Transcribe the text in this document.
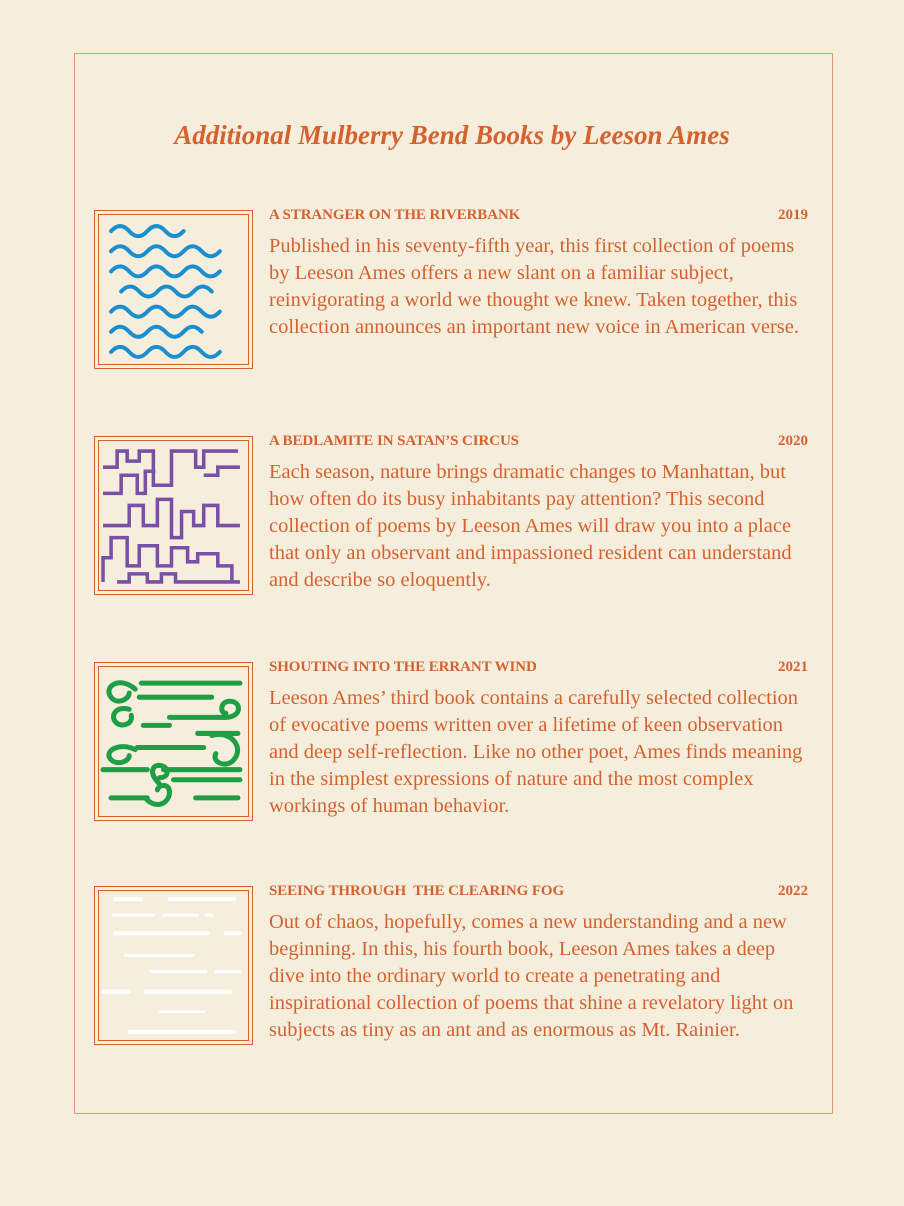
Additional Mulberry Bend Books by Leeson Ames
A STRANGER ON THE RIVERBANK	2019

Published in his seventy-fifth year, this first collection of poems by Leeson Ames offers a new slant on a familiar subject, reinvigorating a world we thought we knew. Taken together, this collection announces an important new voice in American verse.

A BEDLAMITE IN SATAN’S CIRCUS	2020

Each season, nature brings dramatic changes to Manhattan, but how often do its busy inhabitants pay attention? This second collection of poems by Leeson Ames will draw you into a place that only an observant and impassioned resident can understand and describe so eloquently.

SHOUTING INTO THE ERRANT WIND	2021

Leeson Ames’ third book contains a carefully selected collection of evocative poems written over a lifetime of keen observation and deep self-reflection. Like no other poet, Ames finds meaning in the simplest expressions of nature and the most complex workings of human behavior.

SEEING THROUGH  THE CLEARING FOG	2022

Out of chaos, hopefully, comes a new understanding and a new beginning. In this, his fourth book, Leeson Ames takes a deep dive into the ordinary world to create a penetrating and inspirational collection of poems that shine a revelatory light on subjects as tiny as an ant and as enormous as Mt. Rainier.
